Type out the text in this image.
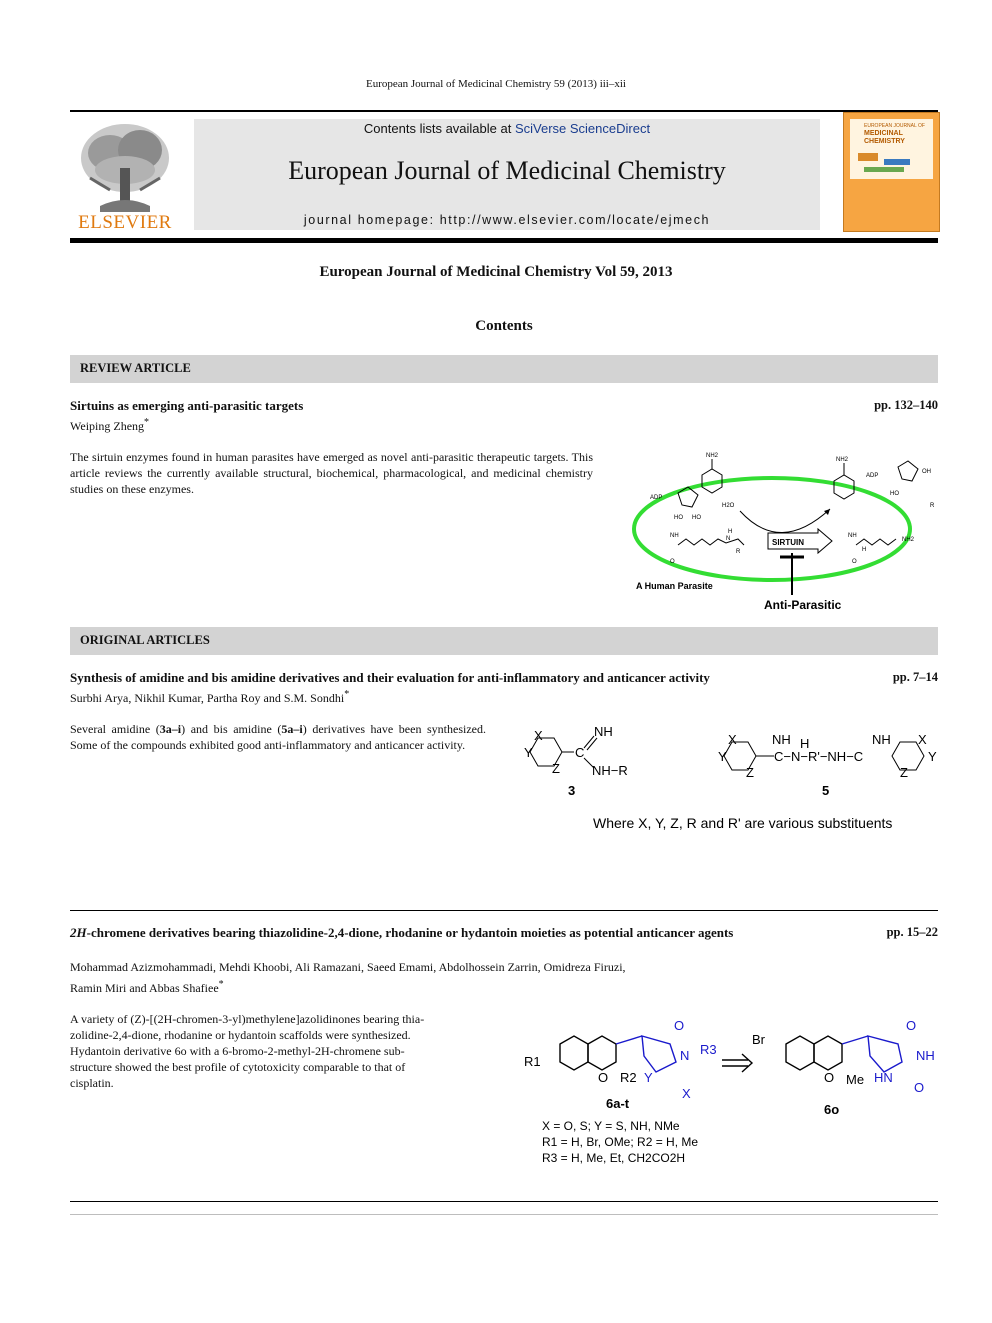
European Journal of Medicinal Chemistry 59 (2013) iii–xii
ELSEVIER
Contents lists available at SciVerse ScienceDirect
European Journal of Medicinal Chemistry
journal homepage: http://www.elsevier.com/locate/ejmech
EUROPEAN JOURNAL OF
MEDICINAL
CHEMISTRY
European Journal of Medicinal Chemistry Vol 59, 2013
Contents
REVIEW ARTICLE
Sirtuins as emerging anti-parasitic targets	pp. 132–140
Weiping Zheng*
The sirtuin enzymes found in human parasites have emerged as novel anti-parasitic therapeutic targets. This article reviews the currently available structural, biochemical, pharmacological, and medicinal chemistry studies on these enzymes.
NH2
ADP
HO HO
NH2
ADP
OH
HO
R
H2O
NH
H
N
R
O
SIRTUIN
NH
H
NH2
O
A Human Parasite
Anti-Parasitic
ORIGINAL ARTICLES
Synthesis of amidine and bis amidine derivatives and their evaluation for anti-inflammatory and anticancer activity	pp. 7–14
Surbhi Arya, Nikhil Kumar, Partha Roy and S.M. Sondhi*
Several amidine (3a–i) and bis amidine (5a–i) derivatives have been synthesized. Some of the compounds exhibited good anti-inflammatory and anticancer activity.
X
Y
Z
C
NH
NH−R
3
X
Y
Z
NH H
C−N−R'−NH−C
NH X
Y
Z
5
Where X, Y, Z, R and R' are various substituents
2H-chromene derivatives bearing thiazolidine-2,4-dione, rhodanine or hydantoin moieties as potential anticancer agents	pp. 15–22
Mohammad Azizmohammadi, Mehdi Khoobi, Ali Ramazani, Saeed Emami, Abdolhossein Zarrin, Omidreza Firuzi,
Ramin Miri and Abbas Shafiee*
A variety of (Z)-[(2H-chromen-3-yl)methylene]azolidinones bearing thia-
zolidine-2,4-dione, rhodanine or hydantoin scaffolds were synthesized.
Hydantoin derivative 6o with a 6-bromo-2-methyl-2H-chromene sub-
structure showed the best profile of cytotoxicity comparable to that of
cisplatin.
R1
O R2
O
N R3
Y
X
6a-t
Br
O Me
O
NH
HN
O
6o
X = O, S; Y = S, NH, NMe
R1 = H, Br, OMe; R2 = H, Me
R3 = H, Me, Et, CH2CO2H
